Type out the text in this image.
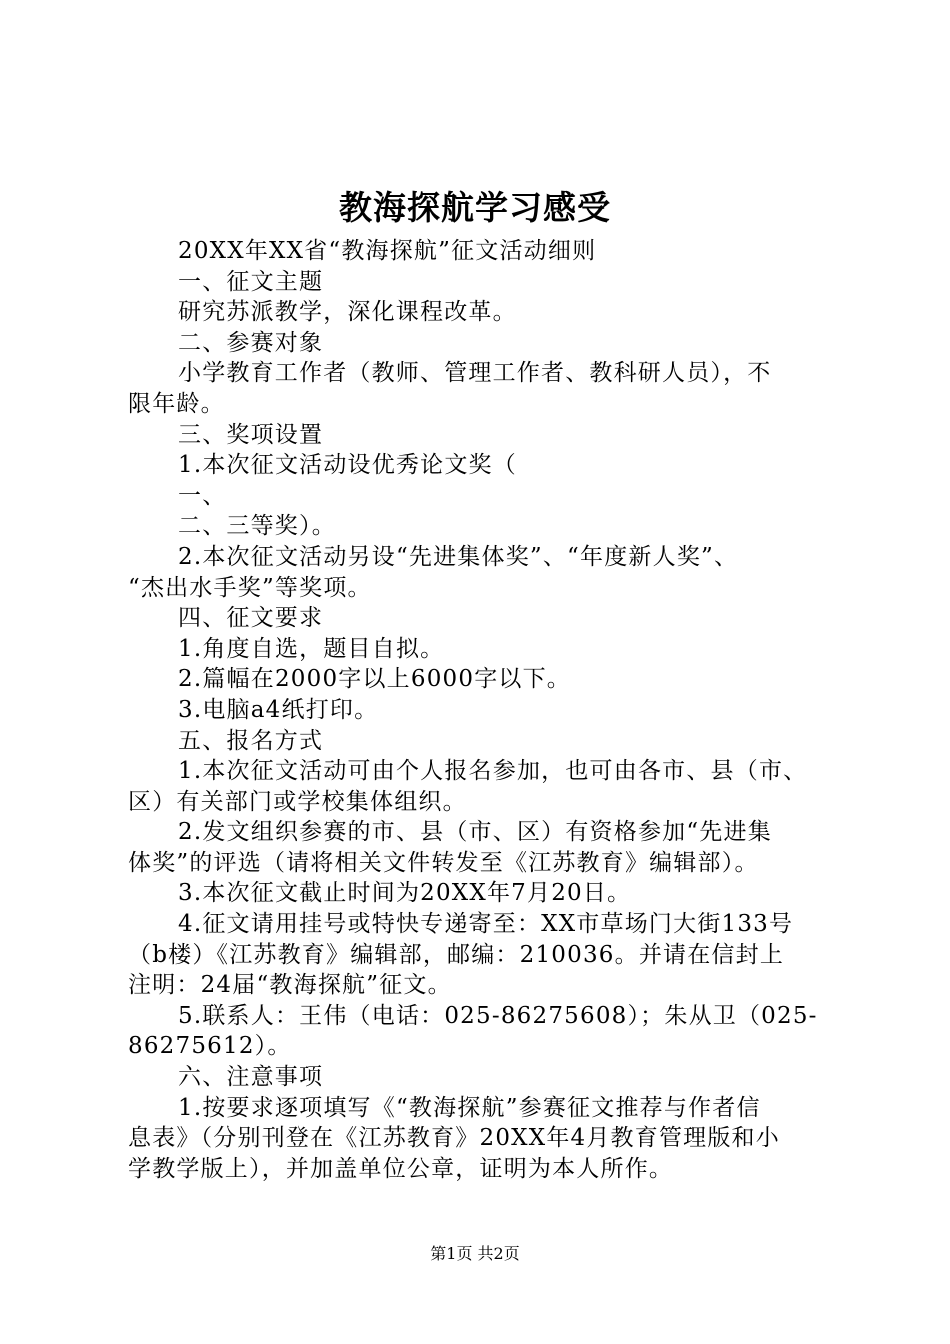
教海探航学习感受
20XX年XX省“教海探航”征文活动细则
一、征文主题
研究苏派教学，深化课程改革。
二、参赛对象
小学教育工作者（教师、管理工作者、教科研人员），不
限年龄。
三、奖项设置
1.本次征文活动设优秀论文奖（
一、
二、三等奖）。
2.本次征文活动另设“先进集体奖”、“年度新人奖”、
“杰出水手奖”等奖项。
四、征文要求
1.角度自选，题目自拟。
2.篇幅在2000字以上6000字以下。
3.电脑a4纸打印。
五、报名方式
1.本次征文活动可由个人报名参加，也可由各市、县（市、
区）有关部门或学校集体组织。
2.发文组织参赛的市、县（市、区）有资格参加“先进集
体奖”的评选（请将相关文件转发至《江苏教育》编辑部）。
3.本次征文截止时间为20XX年7月20日。
4.征文请用挂号或特快专递寄至：XX市草场门大街133号
（b楼）《江苏教育》编辑部，邮编：210036。并请在信封上
注明：24届“教海探航”征文。
5.联系人：王伟（电话：025-86275608）；朱从卫（025-
86275612）。
六、注意事项
1.按要求逐项填写《“教海探航”参赛征文推荐与作者信
息表》（分别刊登在《江苏教育》20XX年4月教育管理版和小
学教学版上），并加盖单位公章，证明为本人所作。
第1页 共2页
